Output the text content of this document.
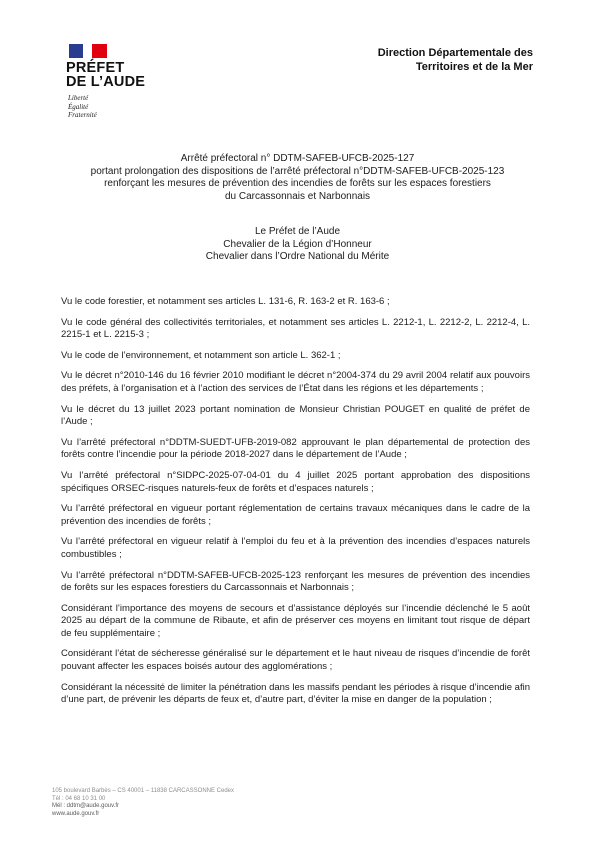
PRÉFET
DE L’AUDE
Liberté
Égalité
Fraternité
Direction Départementale des
Territoires et de la Mer
Arrêté préfectoral n° DDTM-SAFEB-UFCB-2025-127
portant prolongation des dispositions de l’arrêté préfectoral n°DDTM-SAFEB-UFCB-2025-123
renforçant les mesures de prévention des incendies de forêts sur les espaces forestiers
du Carcassonnais et Narbonnais
Le Préfet de l’Aude
Chevalier de la Légion d’Honneur
Chevalier dans l’Ordre National du Mérite

Vu le code forestier, et notamment ses articles L. 131-6, R. 163-2 et R. 163-6 ;

Vu le code général des collectivités territoriales, et notamment ses articles L. 2212-1, L. 2212-2, L. 2212-4, L. 2215-1 et L. 2215-3 ;

Vu le code de l’environnement, et notamment son article L. 362-1 ;

Vu le décret n°2010-146 du 16 février 2010 modifiant le décret n°2004-374 du 29 avril 2004 relatif aux pouvoirs des préfets, à l’organisation et à l’action des services de l’État dans les régions et les départements ;

Vu le décret du 13 juillet 2023 portant nomination de Monsieur Christian POUGET en qualité de préfet de l’Aude ;

Vu l’arrêté préfectoral n°DDTM-SUEDT-UFB-2019-082 approuvant le plan départemental de protection des forêts contre l’incendie pour la période 2018-2027 dans le département de l’Aude ;

Vu l’arrêté préfectoral n°SIDPC-2025-07-04-01 du 4 juillet 2025 portant approbation des dispositions spécifiques ORSEC-risques naturels-feux de forêts et d’espaces naturels ;

Vu l’arrêté préfectoral en vigueur portant réglementation de certains travaux mécaniques dans le cadre de la prévention des incendies de forêts ;

Vu l’arrêté préfectoral en vigueur relatif à l’emploi du feu et à la prévention des incendies d’espaces naturels combustibles ;

Vu l’arrêté préfectoral n°DDTM-SAFEB-UFCB-2025-123 renforçant les mesures de prévention des incendies de forêts sur les espaces forestiers du Carcassonnais et Narbonnais ;

Considérant l’importance des moyens de secours et d’assistance déployés sur l’incendie déclenché le 5 août 2025 au départ de la commune de Ribaute, et afin de préserver ces moyens en limitant tout risque de départ de feu supplémentaire ;

Considérant l’état de sécheresse généralisé sur le département et le haut niveau de risques d’incendie de forêt pouvant affecter les espaces boisés autour des agglomérations ;

Considérant la nécessité de limiter la pénétration dans les massifs pendant les périodes à risque d’incendie afin d’une part, de prévenir les départs de feux et, d’autre part, d’éviter la mise en danger de la population ;

105 boulevard Barbès – CS 40001 – 11838 CARCASSONNE Cedex
Tél : 04 68 10 31 00
Mél : ddtm@aude.gouv.fr
www.aude.gouv.fr
